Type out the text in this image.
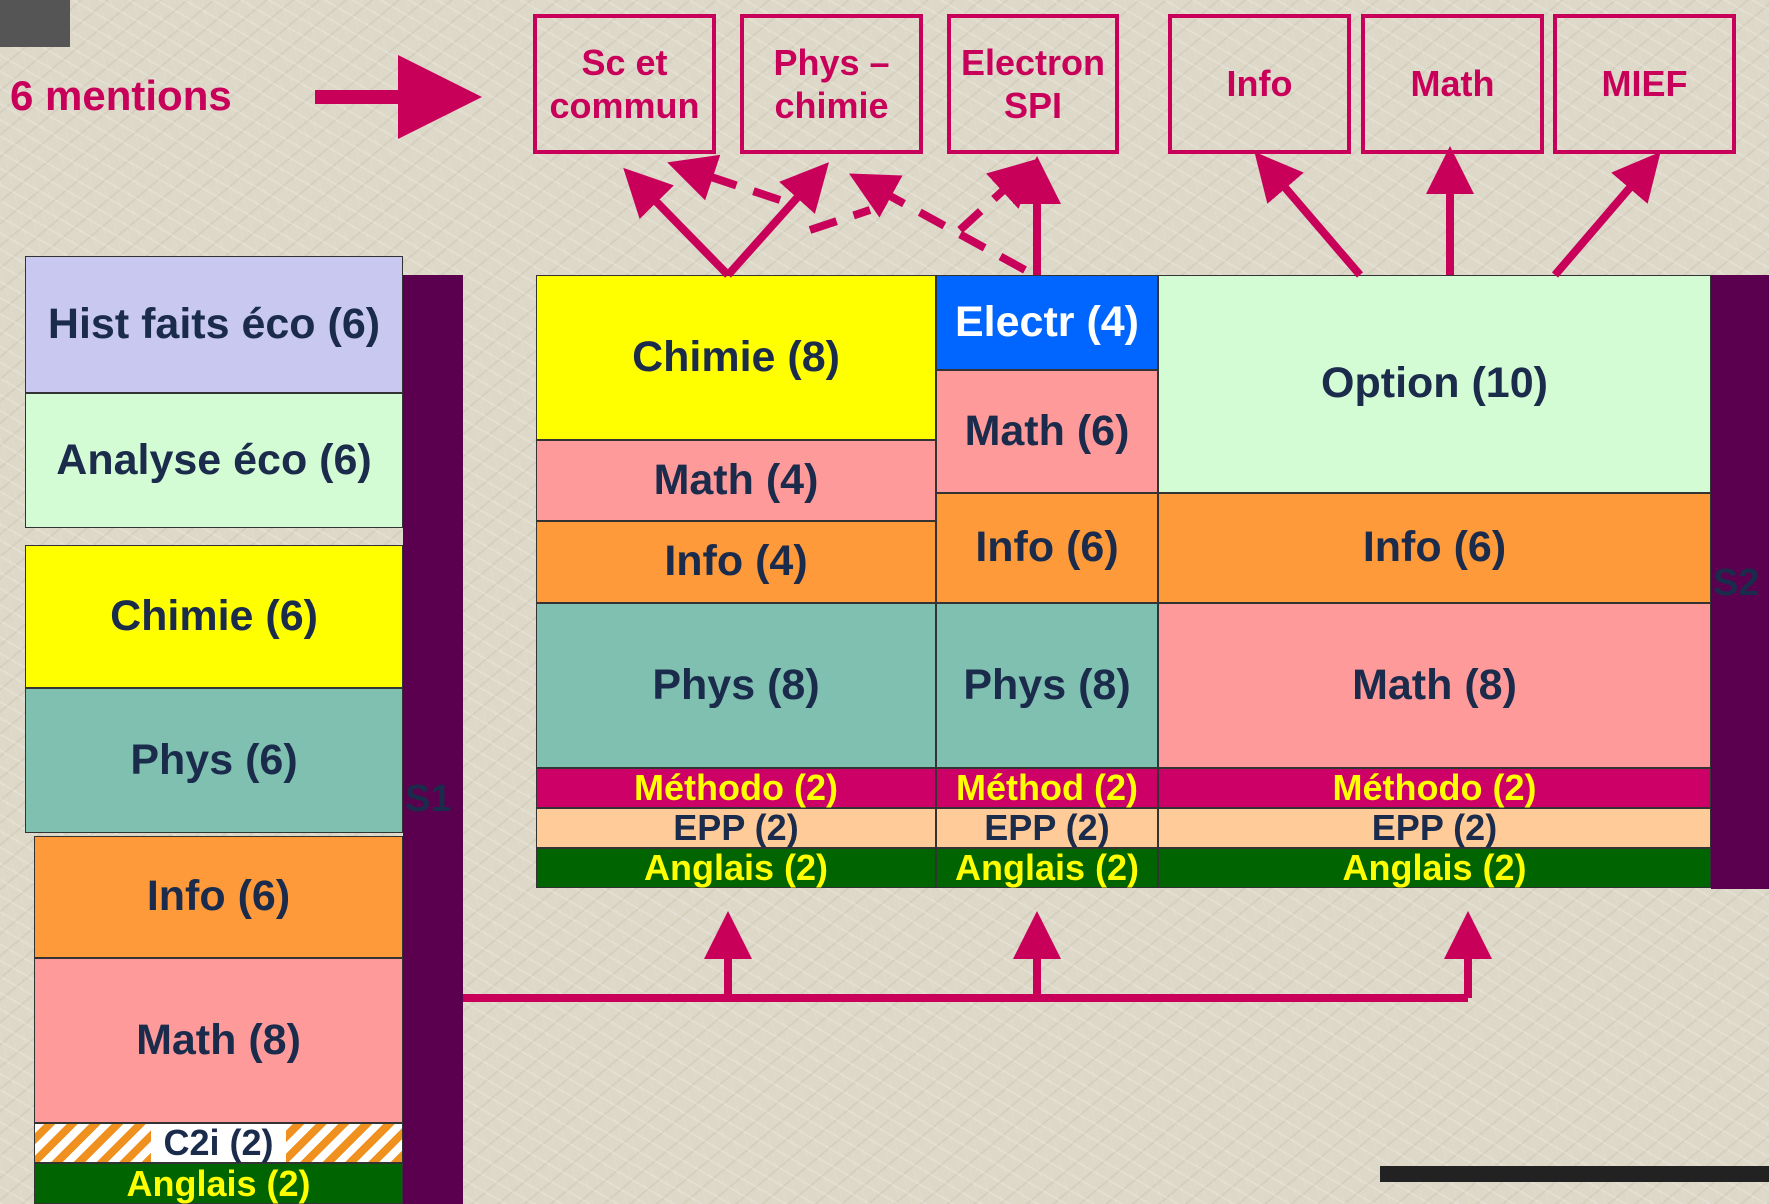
6 mentions
Sc et
commun
Phys –
chimie
Electron
SPI
Info	Math	MIEF
S1
Hist faits éco (6)
Analyse éco (6)
Chimie (6)
Phys (6)
Info (6)
Math (8)
C2i (2)
Anglais (2)
S2
Chimie (8)
Math (4)
Info (4)
Phys (8)
Méthodo (2)
EPP (2)
Anglais (2)
Electr (4)
Math (6)
Info (6)
Phys (8)
Méthod (2)
EPP (2)
Anglais (2)
Option (10)
Info (6)
Math (8)
Méthodo (2)
EPP (2)
Anglais (2)
